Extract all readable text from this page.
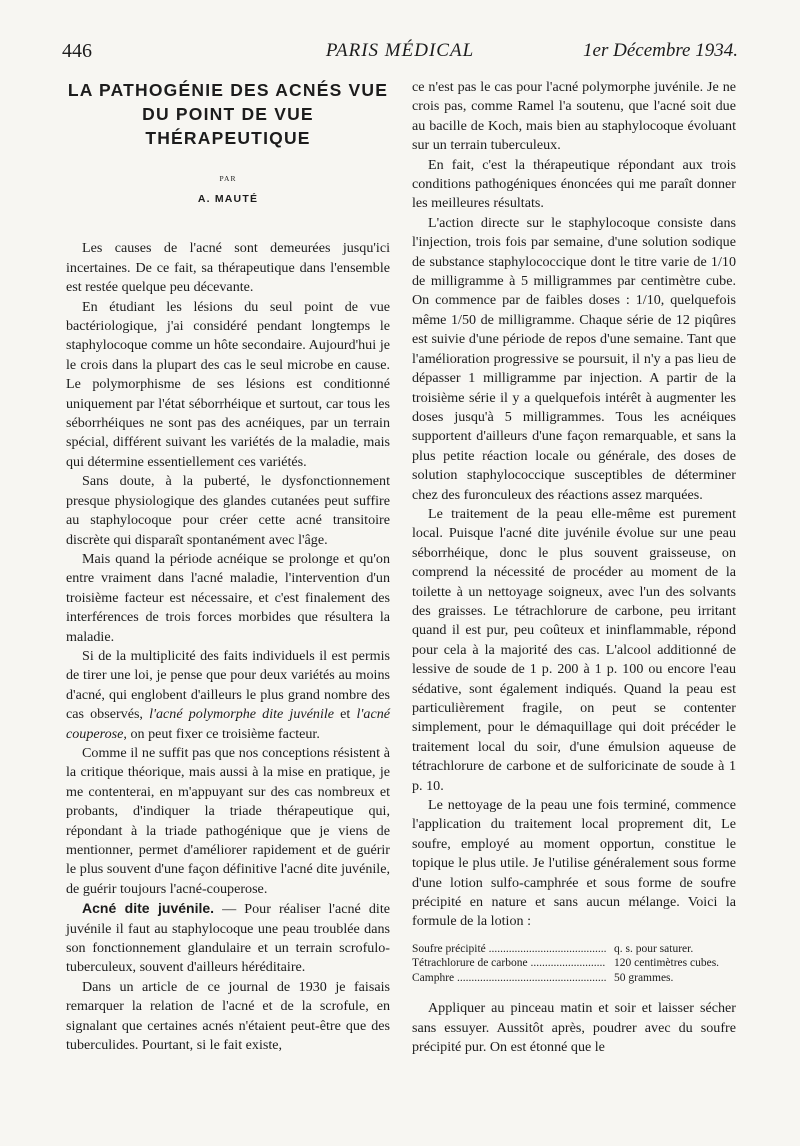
446	PARIS MÉDICAL	1er Décembre 1934.
LA PATHOGÉNIE DES ACNÉS VUE DU POINT DE VUE THÉRAPEUTIQUE
PAR
A. MAUTÉ

Les causes de l'acné sont demeurées jusqu'ici incertaines. De ce fait, sa thérapeutique dans l'ensemble est restée quelque peu décevante.

En étudiant les lésions du seul point de vue bactériologique, j'ai considéré pendant longtemps le staphylocoque comme un hôte secondaire. Aujourd'hui je le crois dans la plupart des cas le seul microbe en cause. Le polymorphisme de ses lésions est conditionné uniquement par l'état séborrhéique et surtout, car tous les séborrhéiques ne sont pas des acnéiques, par un terrain spécial, différent suivant les variétés de la maladie, mais qui détermine essentiellement ces variétés.

Sans doute, à la puberté, le dysfonctionnement presque physiologique des glandes cutanées peut suffire au staphylocoque pour créer cette acné transitoire discrète qui disparaît spontanément avec l'âge.

Mais quand la période acnéique se prolonge et qu'on entre vraiment dans l'acné maladie, l'intervention d'un troisième facteur est nécessaire, et c'est finalement des interférences de trois forces morbides que résultera la maladie.

Si de la multiplicité des faits individuels il est permis de tirer une loi, je pense que pour deux variétés au moins d'acné, qui englobent d'ailleurs le plus grand nombre des cas observés, l'acné polymorphe dite juvénile et l'acné couperose, on peut fixer ce troisième facteur.

Comme il ne suffit pas que nos conceptions résistent à la critique théorique, mais aussi à la mise en pratique, je me contenterai, en m'appuyant sur des cas nombreux et probants, d'indiquer la triade thérapeutique qui, répondant à la triade pathogénique que je viens de mentionner, permet d'améliorer rapidement et de guérir le plus souvent d'une façon définitive l'acné dite juvénile, de guérir toujours l'acné-couperose.

Acné dite juvénile. — Pour réaliser l'acné dite juvénile il faut au staphylocoque une peau troublée dans son fonctionnement glandulaire et un terrain scrofulo-tuberculeux, souvent d'ailleurs héréditaire.

Dans un article de ce journal de 1930 je faisais remarquer la relation de l'acné et de la scrofule, en signalant que certaines acnés n'étaient peut-être que des tuberculides. Pourtant, si le fait existe,

ce n'est pas le cas pour l'acné polymorphe juvénile. Je ne crois pas, comme Ramel l'a soutenu, que l'acné soit due au bacille de Koch, mais bien au staphylocoque évoluant sur un terrain tuberculeux.

En fait, c'est la thérapeutique répondant aux trois conditions pathogéniques énoncées qui me paraît donner les meilleures résultats.

L'action directe sur le staphylocoque consiste dans l'injection, trois fois par semaine, d'une solution sodique de substance staphylococcique dont le titre varie de 1/10 de milligramme à 5 milligrammes par centimètre cube. On commence par de faibles doses : 1/10, quelquefois même 1/50 de milligramme. Chaque série de 12 piqûres est suivie d'une période de repos d'une semaine. Tant que l'amélioration progressive se poursuit, il n'y a pas lieu de dépasser 1 milligramme par injection. A partir de la troisième série il y a quelquefois intérêt à augmenter les doses jusqu'à 5 milligrammes. Tous les acnéiques supportent d'ailleurs d'une façon remarquable, et sans la plus petite réaction locale ou générale, des doses de solution staphylococcique susceptibles de déterminer chez des furonculeux des réactions assez marquées.

Le traitement de la peau elle-même est purement local. Puisque l'acné dite juvénile évolue sur une peau séborrhéique, donc le plus souvent graisseuse, on comprend la nécessité de procéder au moment de la toilette à un nettoyage soigneux, avec l'un des solvants des graisses. Le tétrachlorure de carbone, peu irritant quand il est pur, peu coûteux et ininflammable, répond pour cela à la majorité des cas. L'alcool additionné de lessive de soude de 1 p. 200 à 1 p. 100 ou encore l'eau sédative, sont également indiqués. Quand la peau est particulièrement fragile, on peut se contenter simplement, pour le démaquillage qui doit précéder le traitement local du soir, d'une émulsion aqueuse de tétrachlorure de carbone et de sulforicinate de soude à 1 p. 10.

Le nettoyage de la peau une fois terminé, commence l'application du traitement local proprement dit, Le soufre, employé au moment opportun, constitue le topique le plus utile. Je l'utilise généralement sous forme d'une lotion sulfo-camphrée et sous forme de soufre précipité en nature et sans aucun mélange. Voici la formule de la lotion :

Soufre précipité .....	q. s. pour saturer.
Tétrachlorure de carbone .....	120 centimètres cubes.
Camphre .....	50 grammes.

Appliquer au pinceau matin et soir et laisser sécher sans essuyer. Aussitôt après, poudrer avec du soufre précipité pur. On est étonné que le
